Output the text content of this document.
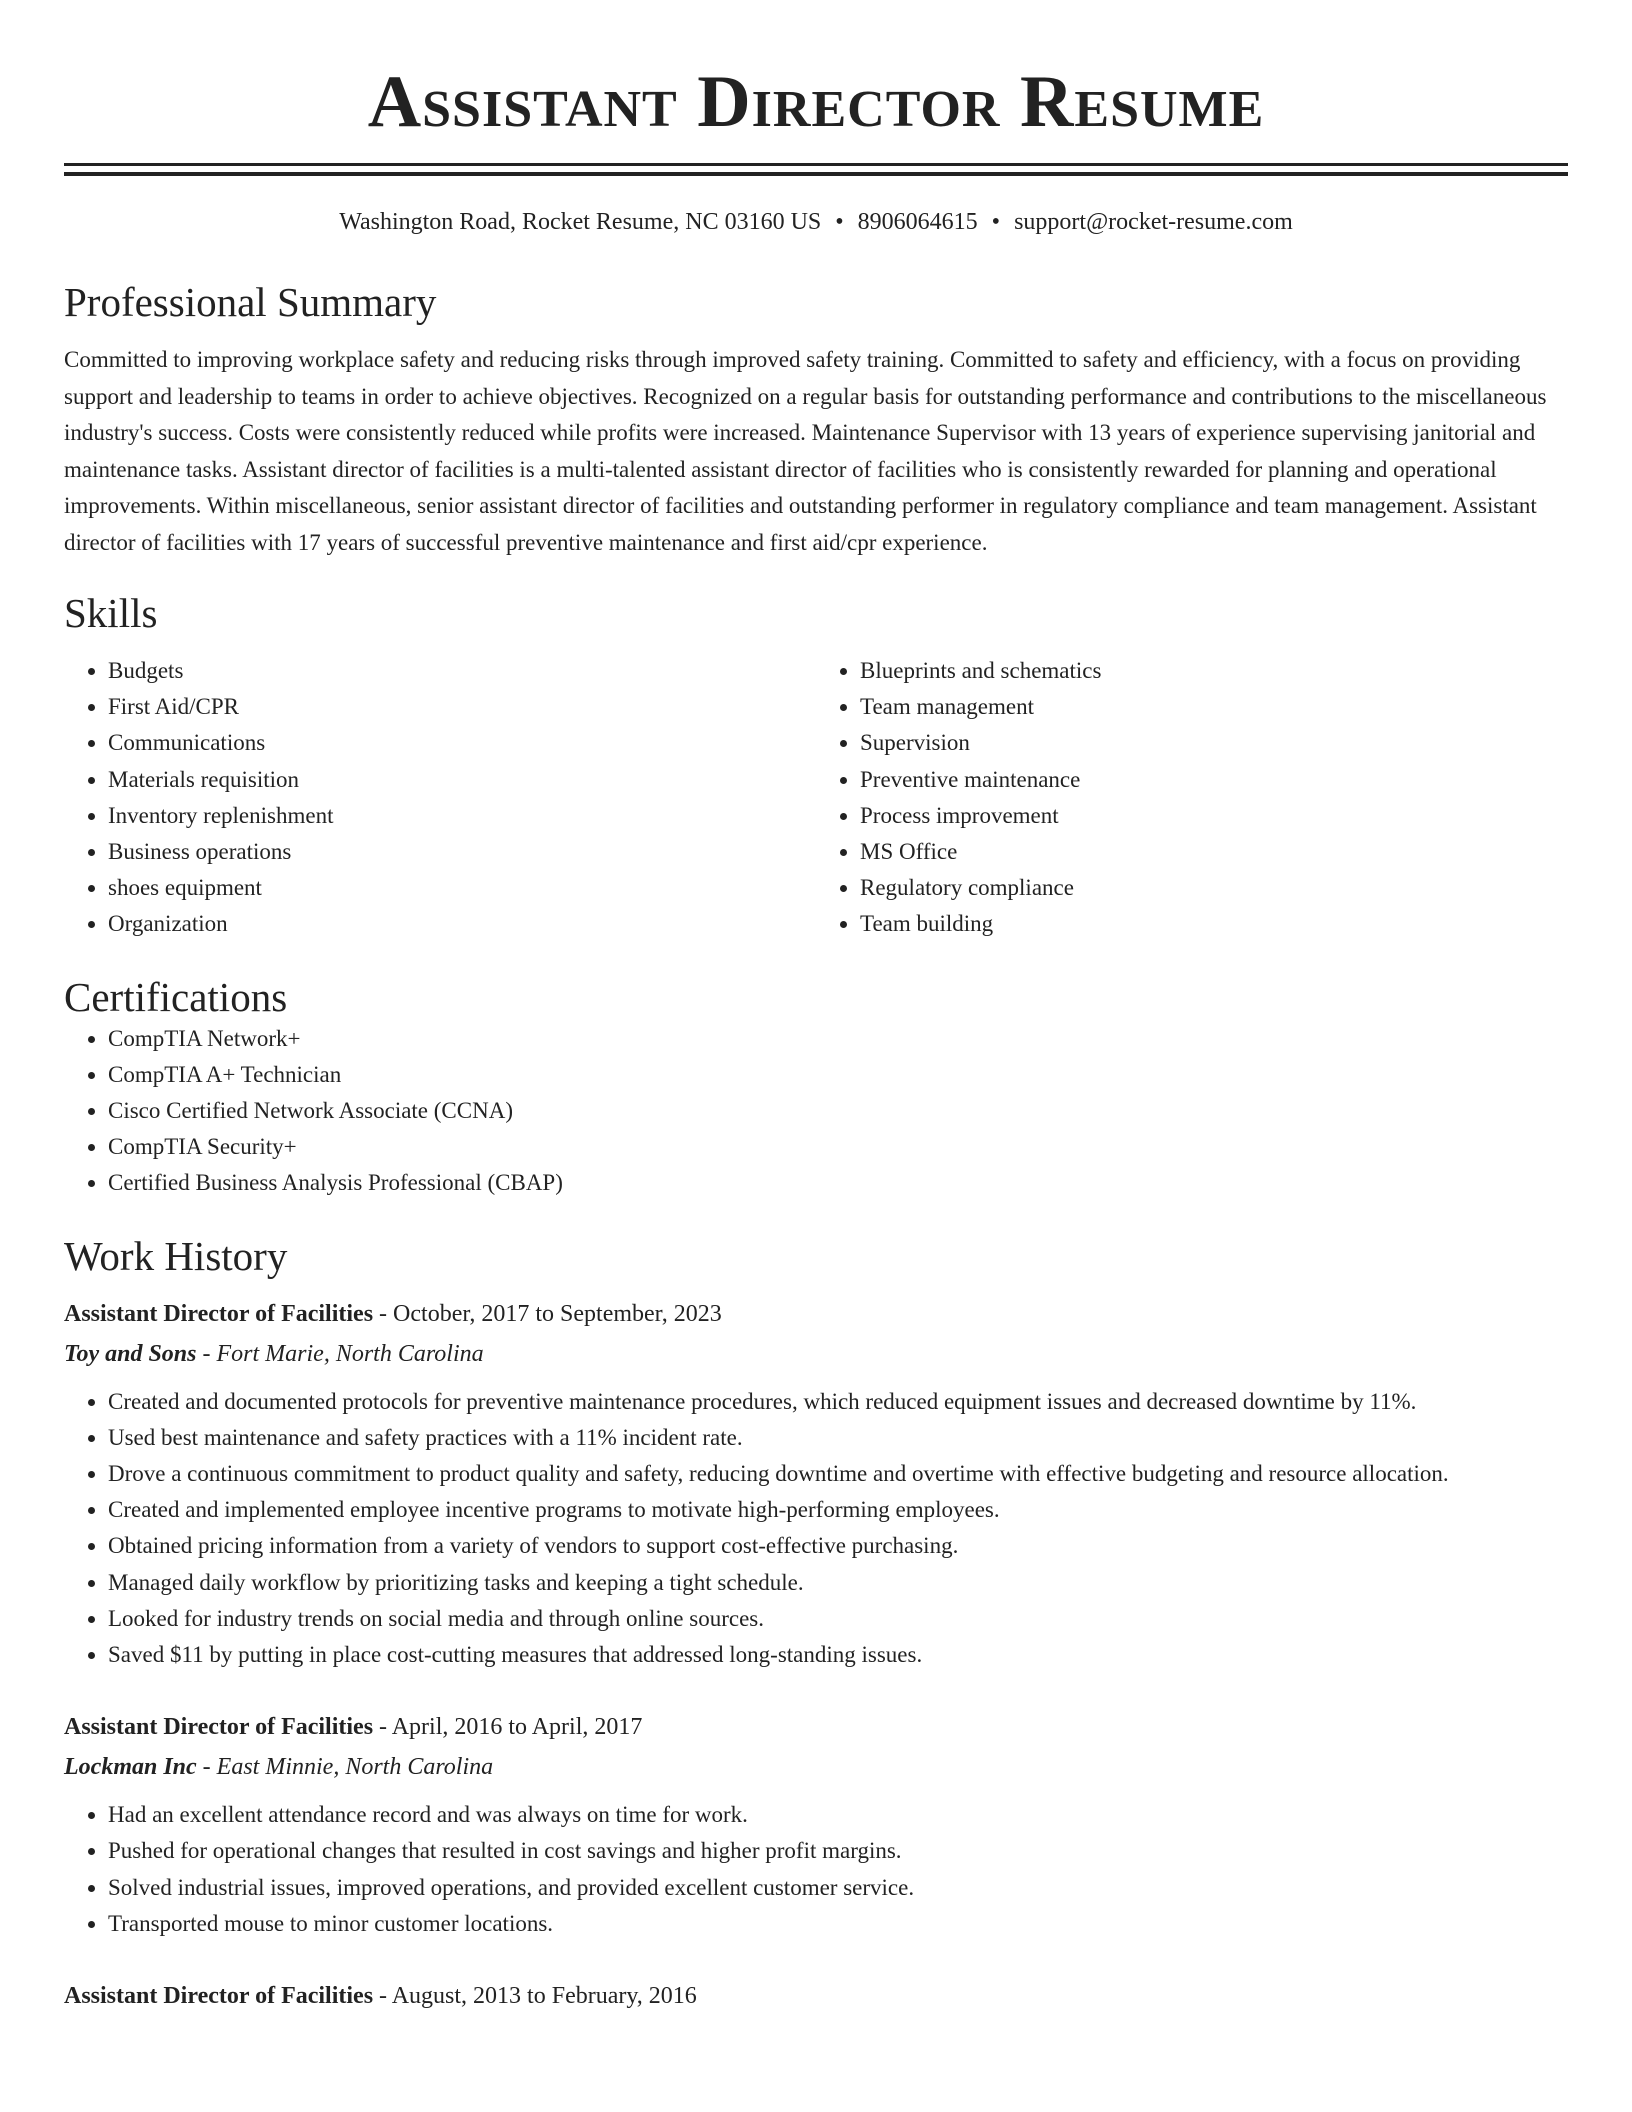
Assistant Director Resume
Washington Road, Rocket Resume, NC 03160 US • 8906064615 • support@rocket-resume.com
Professional Summary

Committed to improving workplace safety and reducing risks through improved safety training. Committed to safety and efficiency, with a focus on providing support and leadership to teams in order to achieve objectives. Recognized on a regular basis for outstanding performance and contributions to the miscellaneous industry's success. Costs were consistently reduced while profits were increased. Maintenance Supervisor with 13 years of experience supervising janitorial and maintenance tasks. Assistant director of facilities is a multi-talented assistant director of facilities who is consistently rewarded for planning and operational improvements. Within miscellaneous, senior assistant director of facilities and outstanding performer in regulatory compliance and team management. Assistant director of facilities with 17 years of successful preventive maintenance and first aid/cpr experience.

Skills
• Budgets
• First Aid/CPR
• Communications
• Materials requisition
• Inventory replenishment
• Business operations
• shoes equipment
• Organization
• Blueprints and schematics
• Team management
• Supervision
• Preventive maintenance
• Process improvement
• MS Office
• Regulatory compliance
• Team building
Certifications
• CompTIA Network+
• CompTIA A+ Technician
• Cisco Certified Network Associate (CCNA)
• CompTIA Security+
• Certified Business Analysis Professional (CBAP)
Work History
Assistant Director of Facilities - October, 2017 to September, 2023
Toy and Sons - Fort Marie, North Carolina
• Created and documented protocols for preventive maintenance procedures, which reduced equipment issues and decreased downtime by 11%.
• Used best maintenance and safety practices with a 11% incident rate.
• Drove a continuous commitment to product quality and safety, reducing downtime and overtime with effective budgeting and resource allocation.
• Created and implemented employee incentive programs to motivate high-performing employees.
• Obtained pricing information from a variety of vendors to support cost-effective purchasing.
• Managed daily workflow by prioritizing tasks and keeping a tight schedule.
• Looked for industry trends on social media and through online sources.
• Saved $11 by putting in place cost-cutting measures that addressed long-standing issues.
Assistant Director of Facilities - April, 2016 to April, 2017
Lockman Inc - East Minnie, North Carolina
• Had an excellent attendance record and was always on time for work.
• Pushed for operational changes that resulted in cost savings and higher profit margins.
• Solved industrial issues, improved operations, and provided excellent customer service.
• Transported mouse to minor customer locations.
Assistant Director of Facilities - August, 2013 to February, 2016
